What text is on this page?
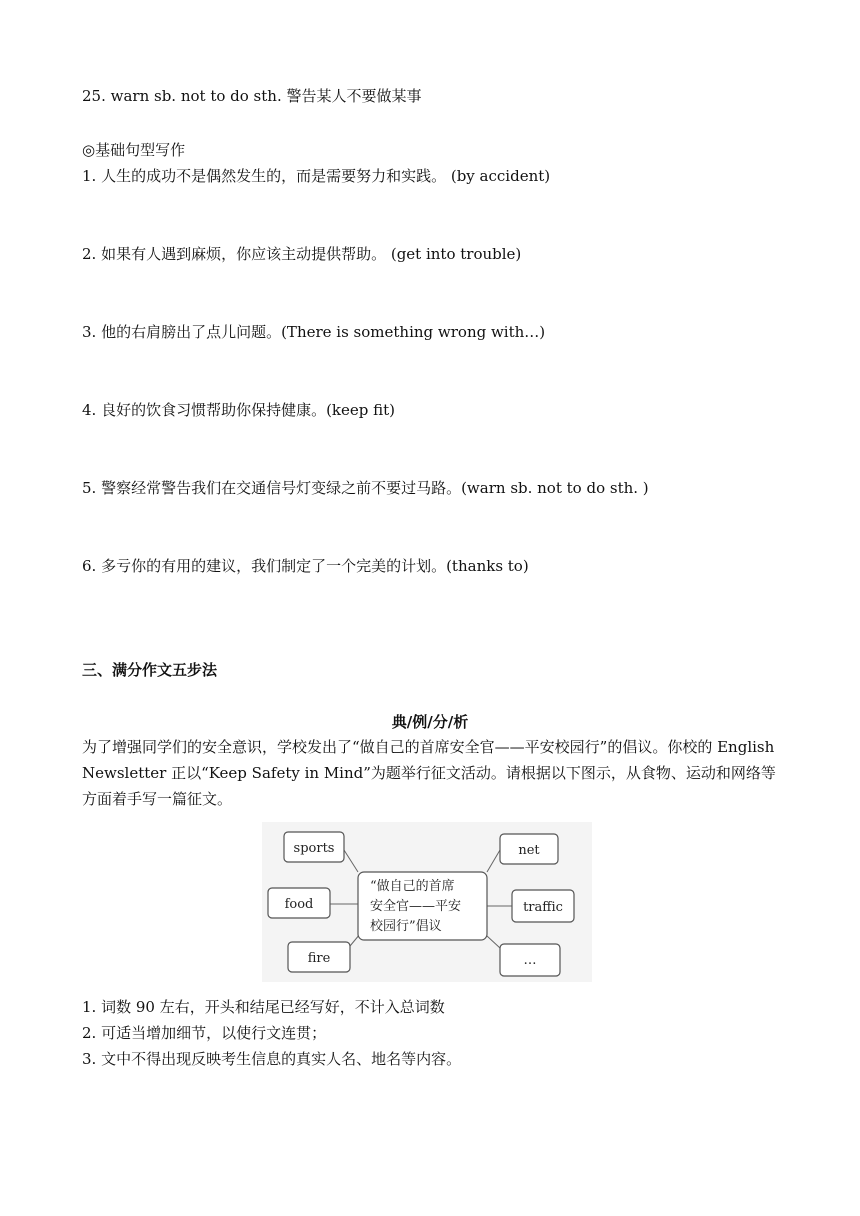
25. warn sb. not to do sth. 警告某人不要做某事
◎基础句型写作
1. 人生的成功不是偶然发生的，而是需要努力和实践。 (by accident)
2. 如果有人遇到麻烦，你应该主动提供帮助。 (get into trouble)
3. 他的右肩膀出了点儿问题。(There is something wrong with…)
4. 良好的饮食习惯帮助你保持健康。(keep fit)
5. 警察经常警告我们在交通信号灯变绿之前不要过马路。(warn sb. not to do sth. )
6. 多亏你的有用的建议，我们制定了一个完美的计划。(thanks to)
三、满分作文五步法
典/例/分/析
为了增强同学们的安全意识，学校发出了“做自己的首席安全官——平安校园行”的倡议。你校的 English Newsletter 正以“Keep Safety in Mind”为题举行征文活动。请根据以下图示，从食物、运动和网络等方面着手写一篇征文。
“做自己的首席
安全官——平安
校园行”倡议
sports
food
fire
net
traffic
…
1. 词数 90 左右，开头和结尾已经写好，不计入总词数
2. 可适当增加细节，以使行文连贯；
3. 文中不得出现反映考生信息的真实人名、地名等内容。
